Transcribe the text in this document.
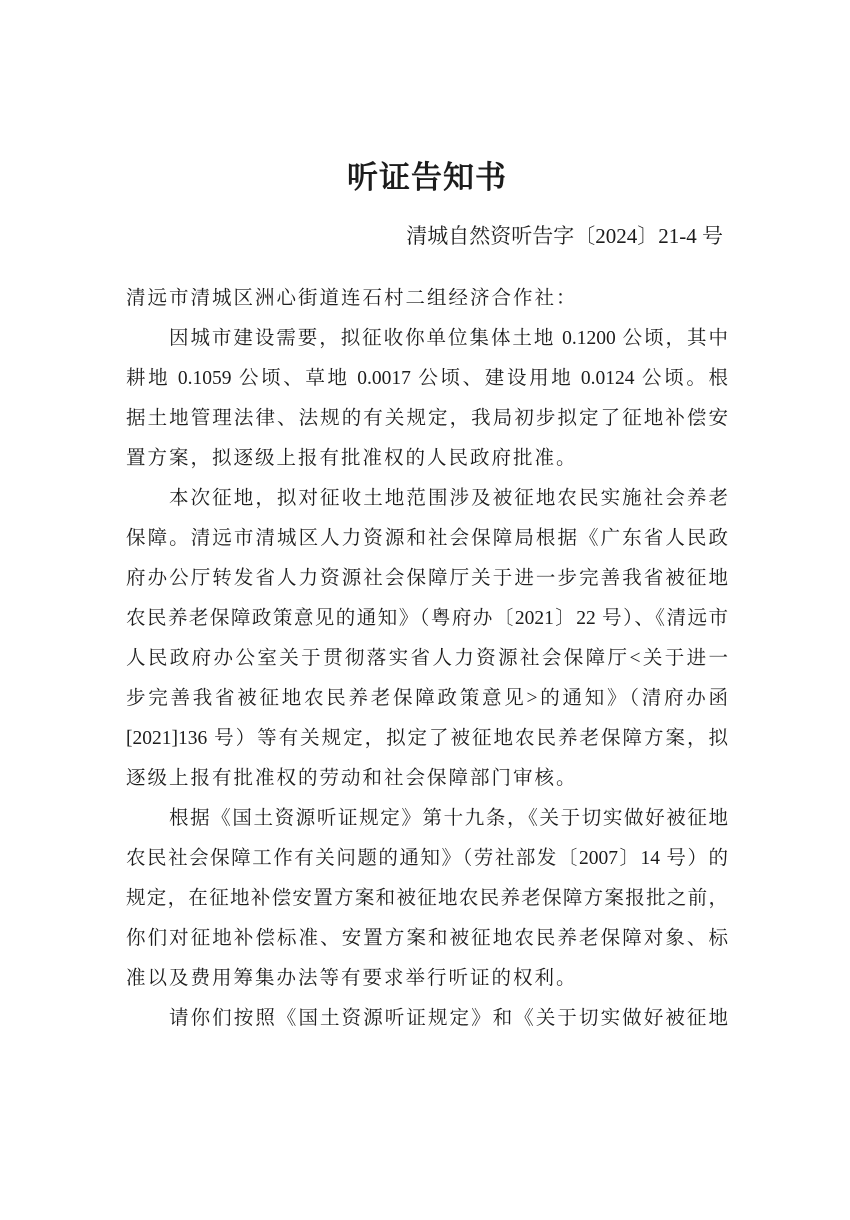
听证告知书
清城自然资听告字〔2024〕21-4 号
清远市清城区洲心街道连石村二组经济合作社：
因城市建设需要，拟征收你单位集体土地 0.1200 公顷，其中
耕地 0.1059 公顷、草地 0.0017 公顷、建设用地 0.0124 公顷。根
据土地管理法律、法规的有关规定，我局初步拟定了征地补偿安
置方案，拟逐级上报有批准权的人民政府批准。
本次征地，拟对征收土地范围涉及被征地农民实施社会养老
保障。清远市清城区人力资源和社会保障局根据《广东省人民政
府办公厅转发省人力资源社会保障厅关于进一步完善我省被征地
农民养老保障政策意见的通知》（粤府办〔2021〕22 号）、《清远市
人民政府办公室关于贯彻落实省人力资源社会保障厅<关于进一
步完善我省被征地农民养老保障政策意见>的通知》（清府办函
[2021]136 号）等有关规定，拟定了被征地农民养老保障方案，拟
逐级上报有批准权的劳动和社会保障部门审核。
根据《国土资源听证规定》第十九条，《关于切实做好被征地
农民社会保障工作有关问题的通知》（劳社部发〔2007〕14 号）的
规定，在征地补偿安置方案和被征地农民养老保障方案报批之前，
你们对征地补偿标准、安置方案和被征地农民养老保障对象、标
准以及费用筹集办法等有要求举行听证的权利。
请你们按照《国土资源听证规定》和《关于切实做好被征地
